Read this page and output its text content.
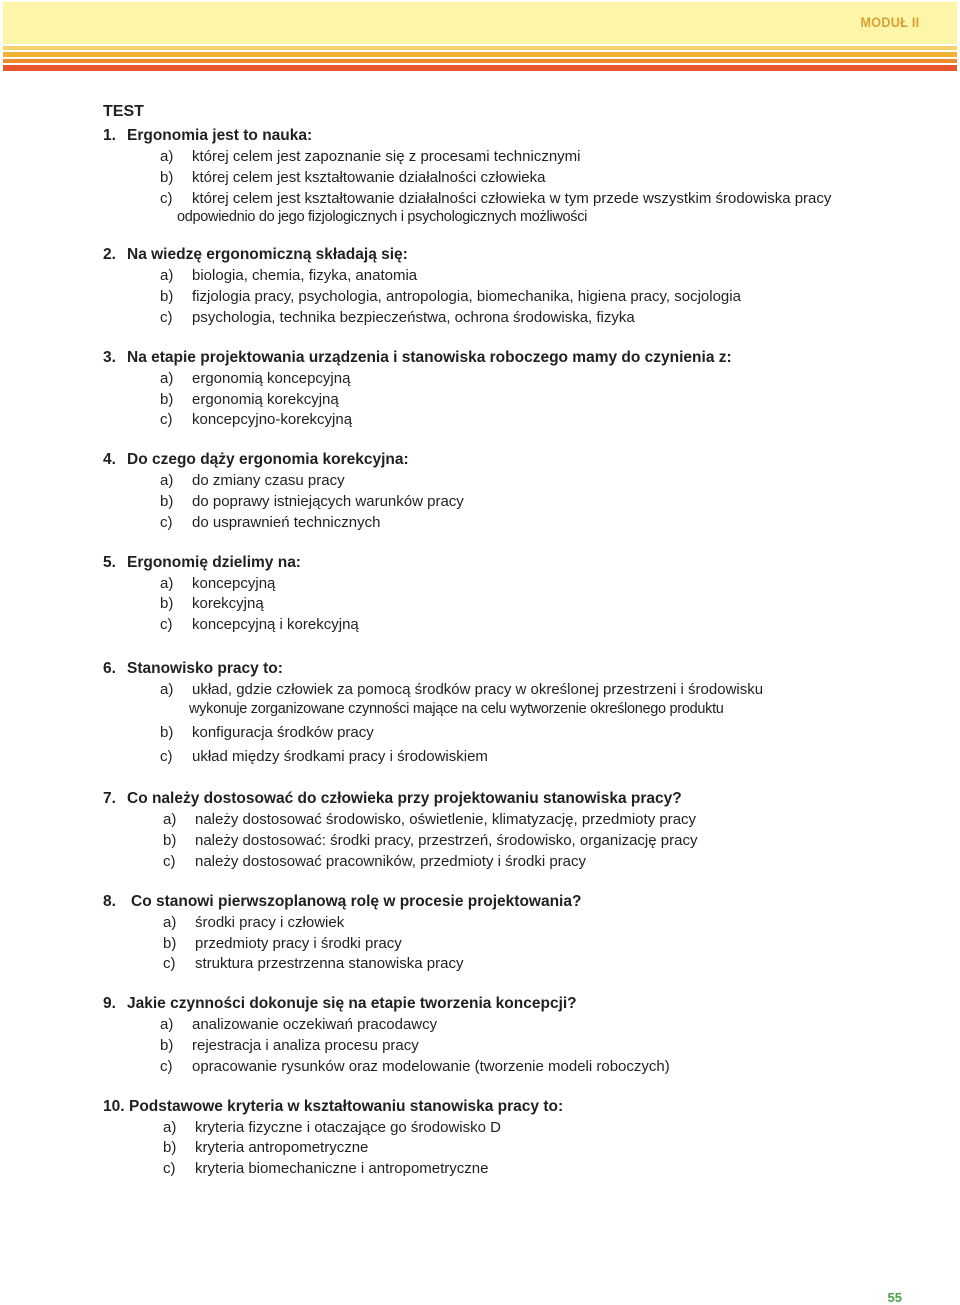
MODUŁ II
TEST
1. Ergonomia jest to nauka:
a) której celem jest zapoznanie się z procesami technicznymi
b) której celem jest kształtowanie działalności człowieka
c) której celem jest kształtowanie działalności człowieka w tym przede wszystkim środowiska pracy
odpowiednio do jego fizjologicznych i psychologicznych możliwości
2. Na wiedzę ergonomiczną składają się:
a) biologia, chemia, fizyka, anatomia
b) fizjologia pracy, psychologia, antropologia, biomechanika, higiena pracy, socjologia
c) psychologia, technika bezpieczeństwa, ochrona środowiska, fizyka
3. Na etapie projektowania urządzenia i stanowiska roboczego mamy do czynienia z:
a) ergonomią koncepcyjną
b) ergonomią korekcyjną
c) koncepcyjno-korekcyjną
4. Do czego dąży ergonomia korekcyjna:
a) do zmiany czasu pracy
b) do poprawy istniejących warunków pracy
c) do usprawnień technicznych
5. Ergonomię dzielimy na:
a) koncepcyjną
b) korekcyjną
c) koncepcyjną i korekcyjną
6. Stanowisko pracy to:
a) układ, gdzie człowiek za pomocą środków pracy w określonej przestrzeni i środowisku
wykonuje zorganizowane czynności mające na celu wytworzenie określonego produktu
b) konfiguracja środków pracy
c) układ między środkami pracy i środowiskiem
7. Co należy dostosować do człowieka przy projektowaniu stanowiska pracy?
a) należy dostosować środowisko, oświetlenie, klimatyzację, przedmioty pracy
b) należy dostosować: środki pracy, przestrzeń, środowisko, organizację pracy
c) należy dostosować pracowników, przedmioty i środki pracy
8. Co stanowi pierwszoplanową rolę w procesie projektowania?
a) środki pracy i człowiek
b) przedmioty pracy i środki pracy
c) struktura przestrzenna stanowiska pracy
9. Jakie czynności dokonuje się na etapie tworzenia koncepcji?
a) analizowanie oczekiwań pracodawcy
b) rejestracja i analiza procesu pracy
c) opracowanie rysunków oraz modelowanie (tworzenie modeli roboczych)
10. Podstawowe kryteria w kształtowaniu stanowiska pracy to:
a) kryteria fizyczne i otaczające go środowisko D
b) kryteria antropometryczne
c) kryteria biomechaniczne i antropometryczne
55
